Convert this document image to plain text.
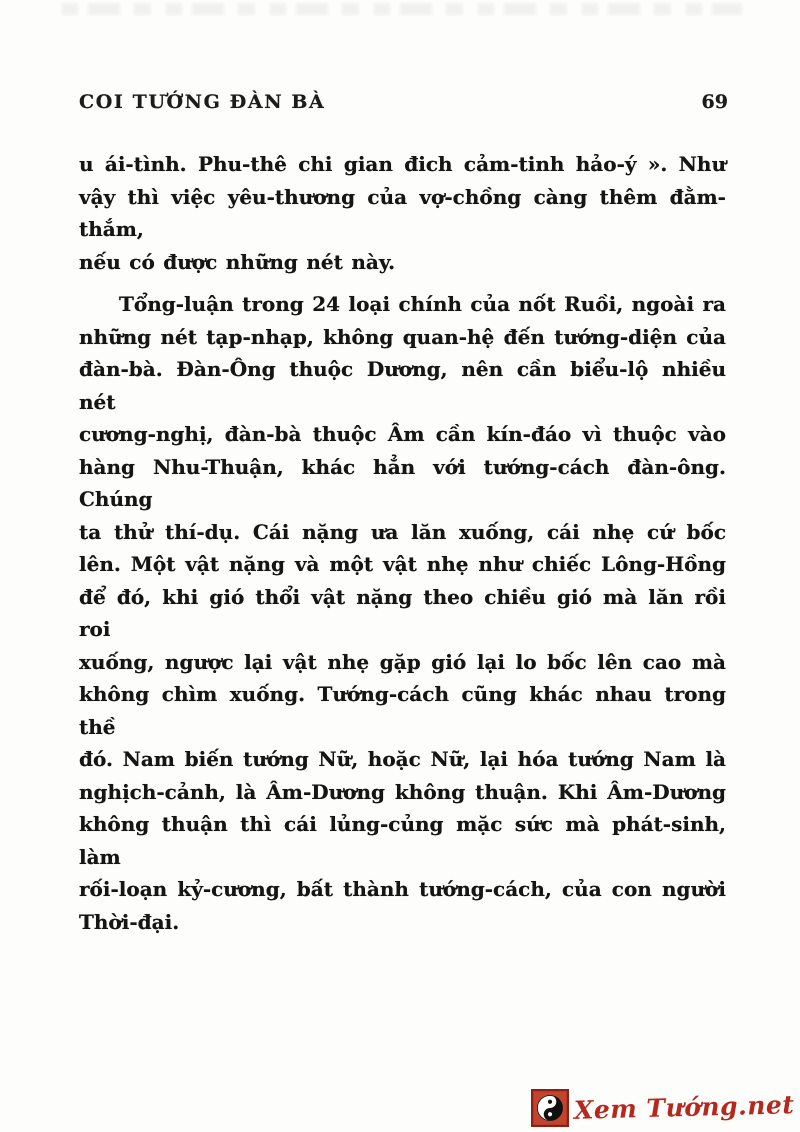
COI TƯỚNG ĐÀN BÀ	69
u ái-tình. Phu-thê chi gian đich cảm-tinh hảo-ý ». Như
vậy thì việc yêu-thương của vợ-chồng càng thêm đằm-thắm,
nếu có được những nét này.
Tổng-luận trong 24 loại chính của nốt Ruồi, ngoài ra
những nét tạp-nhạp, không quan-hệ đến tướng-diện của
đàn-bà. Đàn-Ông thuộc Dương, nên cần biểu-lộ nhiều nét
cương-nghị, đàn-bà thuộc Âm cần kín-đáo vì thuộc vào
hàng Nhu-Thuận, khác hẳn với tướng-cách đàn-ông. Chúng
ta thử thí-dụ. Cái nặng ưa lăn xuống, cái nhẹ cứ bốc
lên. Một vật nặng và một vật nhẹ như chiếc Lông-Hồng
để đó, khi gió thổi vật nặng theo chiều gió mà lăn rồi roi
xuống, ngược lại vật nhẹ gặp gió lại lo bốc lên cao mà
không chìm xuống. Tướng-cách cũng khác nhau trong thề
đó. Nam biến tướng Nữ, hoặc Nữ, lại hóa tướng Nam là
nghịch-cảnh, là Âm-Dương không thuận. Khi Âm-Dương
không thuận thì cái lủng-củng mặc sức mà phát-sinh, làm
rối-loạn kỷ-cương, bất thành tướng-cách, của con người
Thời-đại.
Xem Tướng.net
